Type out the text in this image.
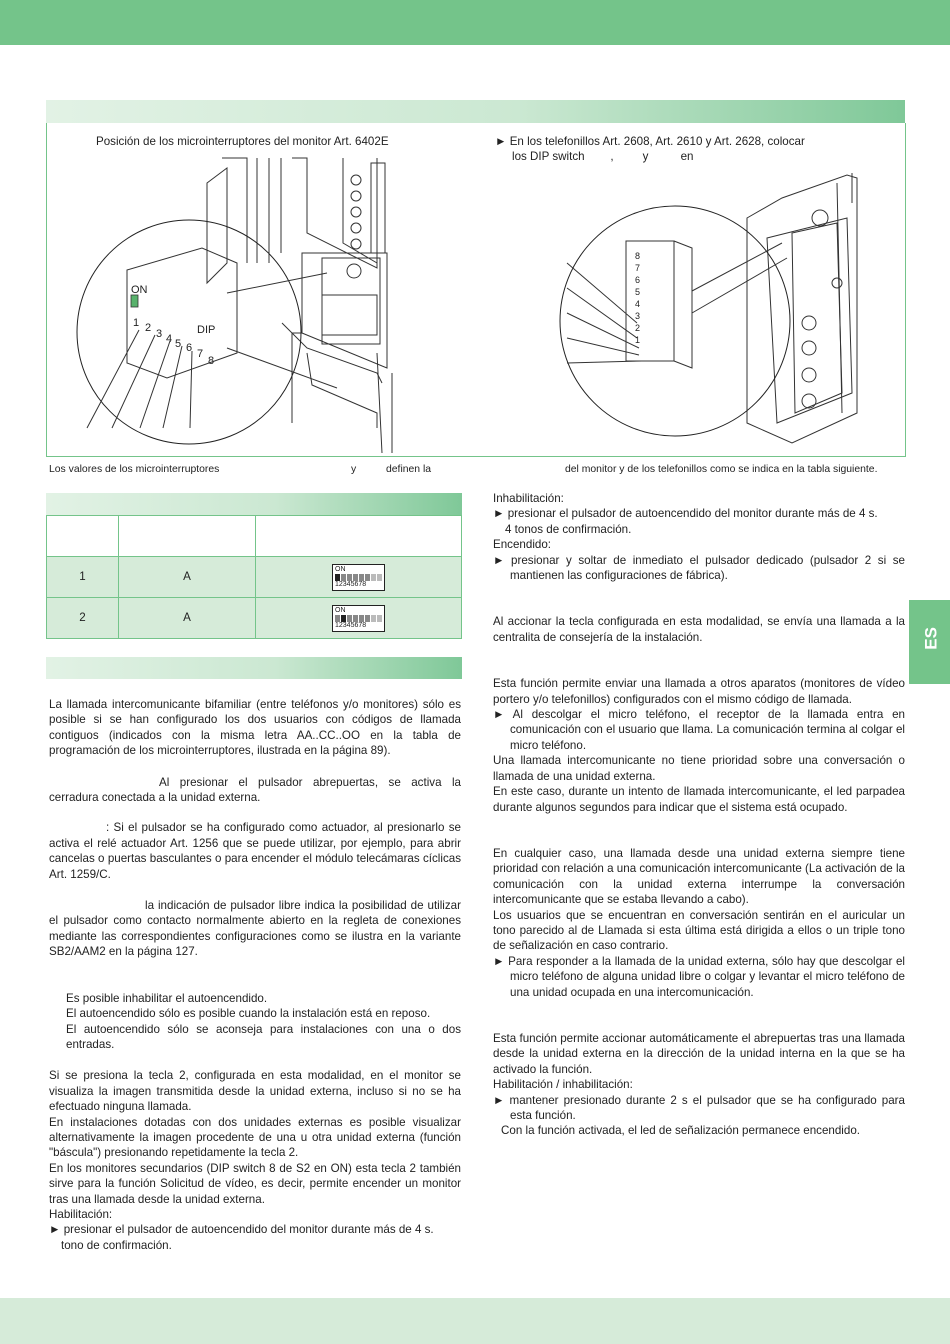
ON
DIP
1 2 3 4 5 6 7
8
8
7
6
5
4
3
2
1
Posición de los microinterruptores del monitor Art. 6402E	► En los telefonillos Art. 2608, Art. 2610 y Art. 2628, colocar
los DIP switch        ,         y          en
Los valores de los microinterruptores	y	definen la	del monitor y de los telefonillos como se indica en la tabla siguiente.

1	A	ON
12345678

2	A	ON
12345678

La llamada intercomunicante bifamiliar (entre teléfonos y/o monitores) sólo es posible si se han configurado los dos usuarios con códigos de llamada contiguos (indicados con la misma letra AA..CC..OO en la tabla de programación de los microinterruptores, ilustrada en la página 89).

Al presionar el pulsador abrepuertas, se activa la cerradura conectada a la unidad externa.

: Si el pulsador se ha configurado como actuador, al presionarlo se activa el relé actuador Art. 1256 que se puede utilizar, por ejemplo, para abrir cancelas o puertas basculantes o para encender el módulo telecámaras cíclicas Art. 1259/C.

la indicación de pulsador libre indica la posibilidad de utilizar el pulsador como contacto normalmente abierto en la regleta de conexiones mediante las correspondientes configuraciones como se ilustra en la variante SB2/AAM2 en la página 127.

Es posible inhabilitar el autoencendido.

El autoencendido sólo es posible cuando la instalación está en reposo.

El autoencendido sólo se aconseja para instalaciones con una o dos entradas.

Si se presiona la tecla 2, configurada en esta modalidad, en el monitor se visualiza la imagen transmitida desde la unidad externa, incluso si no se ha efectuado ninguna llamada.

En instalaciones dotadas con dos unidades externas es posible visualizar alternativamente la imagen procedente de una u otra unidad externa (función "báscula") presionando repetidamente la tecla 2.

En los monitores secundarios (DIP switch 8 de S2 en ON) esta tecla 2 también sirve para la función Solicitud de vídeo, es decir, permite encender un monitor tras una llamada desde la unidad externa.

Habilitación:

► presionar el pulsador de autoencendido del monitor durante más de 4 s.

tono de confirmación.

Inhabilitación:

► presionar el pulsador de autoencendido del monitor durante más de 4 s.

4 tonos de confirmación.

Encendido:

► presionar y soltar de inmediato el pulsador dedicado (pulsador 2 si se mantienen las configuraciones de fábrica).

Al accionar la tecla configurada en esta modalidad, se envía una llamada a la centralita de consejería de la instalación.

Esta función permite enviar una llamada a otros aparatos (monitores de vídeo portero y/o telefonillos) configurados con el mismo código de llamada.

► Al descolgar el micro teléfono, el receptor de la llamada entra en comunicación con el usuario que llama. La comunicación termina al colgar el micro teléfono.

Una llamada intercomunicante no tiene prioridad sobre una conversación o llamada de una unidad externa.

En este caso, durante un intento de llamada intercomunicante, el led parpadea durante algunos segundos para indicar que el sistema está ocupado.

En cualquier caso, una llamada desde una unidad externa siempre tiene prioridad con relación a una comunicación intercomunicante (La activación de la comunicación con la unidad externa interrumpe la conversación intercomunicante que se estaba llevando a cabo).

Los usuarios que se encuentran en conversación sentirán en el auricular un tono parecido al de Llamada si esta última está dirigida a ellos o un triple tono de señalización en caso contrario.

► Para responder a la llamada de la unidad externa, sólo hay que descolgar el micro teléfono de alguna unidad libre o colgar y levantar el micro teléfono de una unidad ocupada en una intercomunicación.

Esta función permite accionar automáticamente el abrepuertas tras una llamada desde la unidad externa en la dirección de la unidad interna en la que se ha activado la función.

Habilitación / inhabilitación:

► mantener presionado durante 2 s el pulsador que se ha configurado para esta función.

Con la función activada, el led de señalización permanece encendido.

ES
